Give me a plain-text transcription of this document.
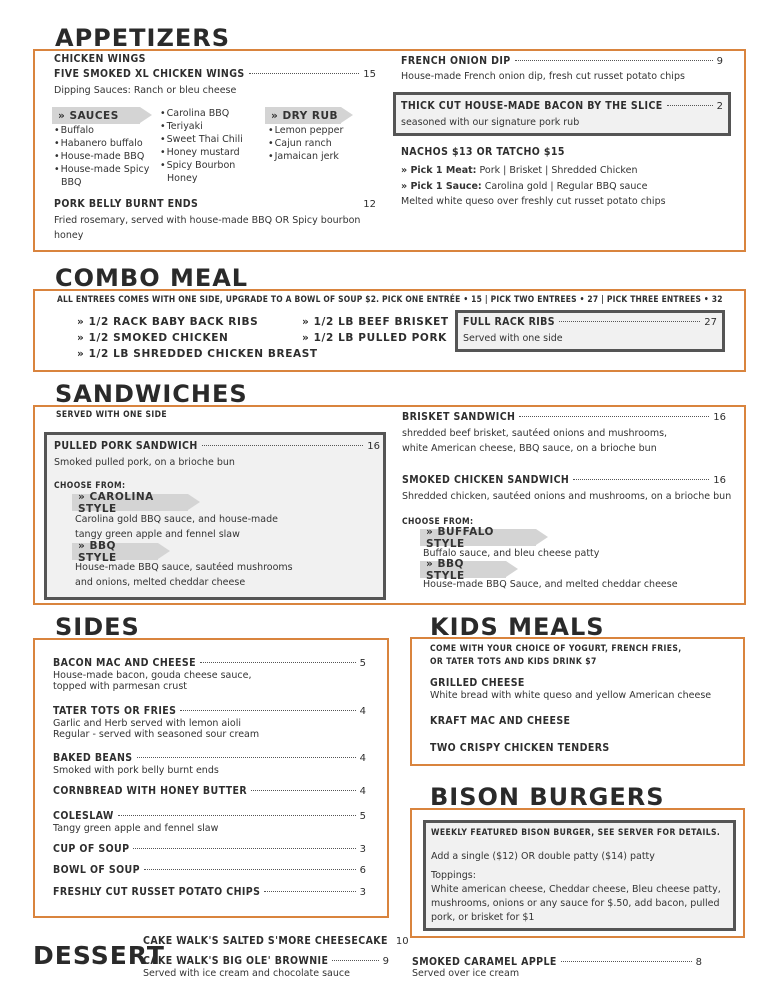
APPETIZERS
CHICKEN WINGS
FIVE SMOKED XL CHICKEN WINGS	15
Dipping Sauces: Ranch or bleu cheese
» SAUCES
• Buffalo
• Habanero buffalo
• House-made BBQ
• House-made Spicy
BBQ
• Carolina BBQ
• Teriyaki
• Sweet Thai Chili
• Honey mustard
• Spicy Bourbon
Honey
» DRY RUB
• Lemon pepper
• Cajun ranch
• Jamaican jerk
PORK BELLY BURNT ENDS	12
Fried rosemary, served with house-made BBQ OR Spicy bourbon
honey
FRENCH ONION DIP	9
House-made French onion dip, fresh cut russet potato chips
THICK CUT HOUSE-MADE BACON BY THE SLICE	2
seasoned with our signature pork rub
NACHOS $13 OR TATCHO $15
» Pick 1 Meat: Pork | Brisket | Shredded Chicken
» Pick 1 Sauce: Carolina gold | Regular BBQ sauce
Melted white queso over freshly cut russet potato chips
COMBO MEAL
ALL ENTREES COMES WITH ONE SIDE, UPGRADE TO A BOWL OF SOUP $2. PICK ONE ENTRÉE • 15 | PICK TWO ENTREES • 27 | PICK THREE ENTREES • 32
» 1/2 RACK BABY BACK RIBS
» 1/2 SMOKED CHICKEN
» 1/2 LB SHREDDED CHICKEN BREAST
» 1/2 LB BEEF BRISKET
» 1/2 LB PULLED PORK
FULL RACK RIBS	27
Served with one side
SANDWICHES
SERVED WITH ONE SIDE
PULLED PORK SANDWICH	16
Smoked pulled pork, on a brioche bun
CHOOSE FROM:
» CAROLINA STYLE
Carolina gold BBQ sauce, and house-made
tangy green apple and fennel slaw
» BBQ STYLE
House-made BBQ sauce, sautéed mushrooms
and onions, melted cheddar cheese
BRISKET SANDWICH	16
shredded beef brisket, sautéed onions and mushrooms,
white American cheese, BBQ sauce, on a brioche bun
SMOKED CHICKEN SANDWICH	16
Shredded chicken, sautéed onions and mushrooms, on a brioche bun
CHOOSE FROM:
» BUFFALO STYLE
Buffalo sauce, and bleu cheese patty
» BBQ STYLE
House-made BBQ Sauce, and melted cheddar cheese
SIDES
BACON MAC AND CHEESE	5
House-made bacon, gouda cheese sauce,
topped with parmesan crust
TATER TOTS OR FRIES	4
Garlic and Herb served with lemon aioli
Regular - served with seasoned sour cream
BAKED BEANS	4
Smoked with pork belly burnt ends
CORNBREAD WITH HONEY BUTTER	4
COLESLAW	5
Tangy green apple and fennel slaw
CUP OF SOUP	3
BOWL OF SOUP	6
FRESHLY CUT RUSSET POTATO CHIPS	3
KIDS MEALS
COME WITH YOUR CHOICE OF YOGURT, FRENCH FRIES,
OR TATER TOTS AND KIDS DRINK $7
GRILLED CHEESE
White bread with white queso and yellow American cheese
KRAFT MAC AND CHEESE
TWO CRISPY CHICKEN TENDERS
BISON BURGERS
WEEKLY FEATURED BISON BURGER, SEE SERVER FOR DETAILS.
Add a single ($12) OR double patty ($14) patty
Toppings:
White american cheese, Cheddar cheese, Bleu cheese patty,
mushrooms, onions or any sauce for $.50, add bacon, pulled
pork, or brisket for $1
DESSERT
CAKE WALK'S SALTED S'MORE CHEESECAKE 10
CAKE WALK'S BIG OLE' BROWNIE	9
Served with ice cream and chocolate sauce
SMOKED CARAMEL APPLE	8
Served over ice cream
